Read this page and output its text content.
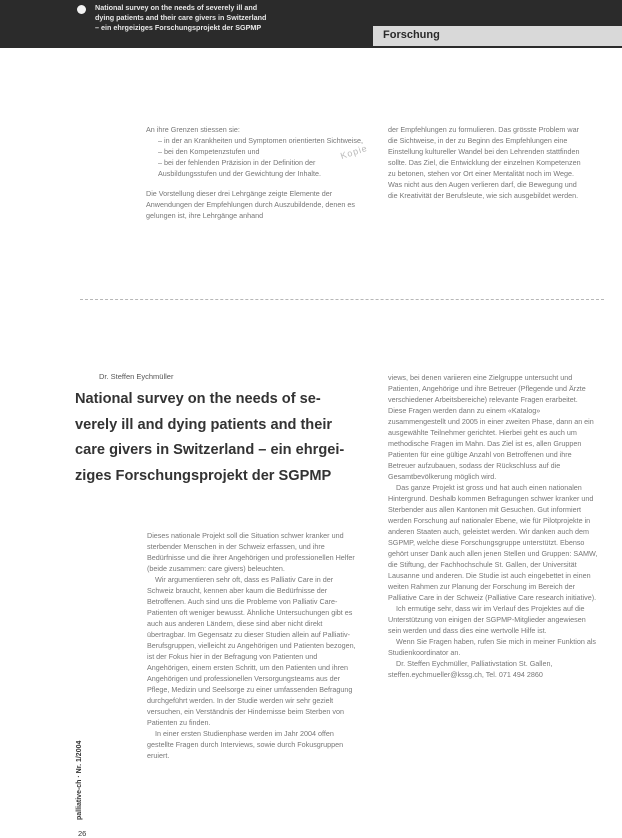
National survey on the needs of severely ill and
dying patients and their care givers in Switzerland
– ein ehrgeiziges Forschungsprojekt der SGPMP
Forschung

An ihre Grenzen stiessen sie:

– in der an Krankheiten und Symptomen orientierten Sichtweise,

– bei den Kompetenzstufen und

– bei der fehlenden Präzision in der Definition der Ausbildungsstufen und der Gewichtung der Inhalte.

Die Vorstellung dieser drei Lehrgänge zeigte Elemente der Anwendungen der Empfehlungen durch Auszubildende, denen es gelungen ist, ihre Lehrgänge anhand

Kopie

der Empfehlungen zu formulieren. Das grösste Problem war die Sichtweise, in der zu Beginn des Empfehlungen eine Einstellung kultureller Wandel bei den Lehrenden stattfinden sollte. Das Ziel, die Entwicklung der einzelnen Kompetenzen zu betonen, stehen vor Ort einer Mentalität noch im Wege. Was nicht aus den Augen verlieren darf, die Bewegung und die Kreativität der Berufsleute, wie sich ausgebildet werden.

Dr. Steffen Eychmüller
National survey on the needs of se-
verely ill and dying patients and their
care givers in Switzerland – ein ehrgei-
ziges Forschungsprojekt der SGPMP

Dieses nationale Projekt soll die Situation schwer kranker und sterbender Menschen in der Schweiz erfassen, und ihre Bedürfnisse und die ihrer Angehörigen und professionellen Helfer (beide zusammen: care givers) beleuchten.

Wir argumentieren sehr oft, dass es Palliativ Care in der Schweiz braucht, kennen aber kaum die Bedürfnisse der Betroffenen. Auch sind uns die Probleme von Palliativ Care-Patienten oft weniger bewusst. Ähnliche Untersuchungen gibt es auch aus anderen Ländern, diese sind aber nicht direkt übertragbar. Im Gegensatz zu dieser Studien allein auf Palliativ-Berufsgruppen, vielleicht zu Angehörigen und Patienten bezogen, ist der Fokus hier in der Befragung von Patienten und Angehörigen, einem ersten Schritt, um den Patienten und ihren Angehörigen und professionellen Versorgungsteams aus der Pflege, Medizin und Seelsorge zu einer umfassenden Befragung durchgeführt werden. In der Studie werden wir sehr gezielt versuchen, ein Verständnis der Hindernisse beim Sterben von Patienten zu finden.

In einer ersten Studienphase werden im Jahr 2004 offen gestellte Fragen durch Interviews, sowie durch Fokusgruppen eruiert.

views, bei denen variieren eine Zielgruppe untersucht und Patienten, Angehörige und ihre Betreuer (Pflegende und Ärzte verschiedener Arbeitsbereiche) relevante Fragen erarbeitet. Diese Fragen werden dann zu einem «Katalog» zusammengestellt und 2005 in einer zweiten Phase, dann an ein ausgewählte Teilnehmer gerichtet. Hierbei geht es auch um methodische Fragen im Mahn. Das Ziel ist es, allen Gruppen Patienten für eine gültige Anzahl von Betroffenen und ihre Betreuer aufzubauen, sodass der Rückschluss auf die Gesamtbevölkerung möglich wird.

Das ganze Projekt ist gross und hat auch einen nationalen Hintergrund. Deshalb kommen Befragungen schwer kranker und Sterbender aus allen Kantonen mit Gesuchen. Gut informiert werden Forschung auf nationaler Ebene, wie für Pilotprojekte in anderen Staaten auch, geleistet werden. Wir danken auch dem SGPMP, welche diese Forschungsgruppe unterstützt. Ebenso gehört unser Dank auch allen jenen Stellen und Gruppen: SAMW, die Stiftung, der Fachhochschule St. Gallen, der Universität Lausanne und anderen. Die Studie ist auch eingebettet in einen weiten Rahmen zur Planung der Forschung im Bereich der Palliative Care in der Schweiz (Palliative Care research initiative).

Ich ermutige sehr, dass wir im Verlauf des Projektes auf die Unterstützung von einigen der SGPMP-Mitglieder angewiesen sein werden und dass dies eine wertvolle Hilfe ist.

Wenn Sie Fragen haben, rufen Sie mich in meiner Funktion als Studienkoordinator an.

Dr. Steffen Eychmüller, Palliativstation St. Gallen, steffen.eychmueller@kssg.ch, Tel. 071 494 2860

palliative-ch · Nr. 1/2004
26
